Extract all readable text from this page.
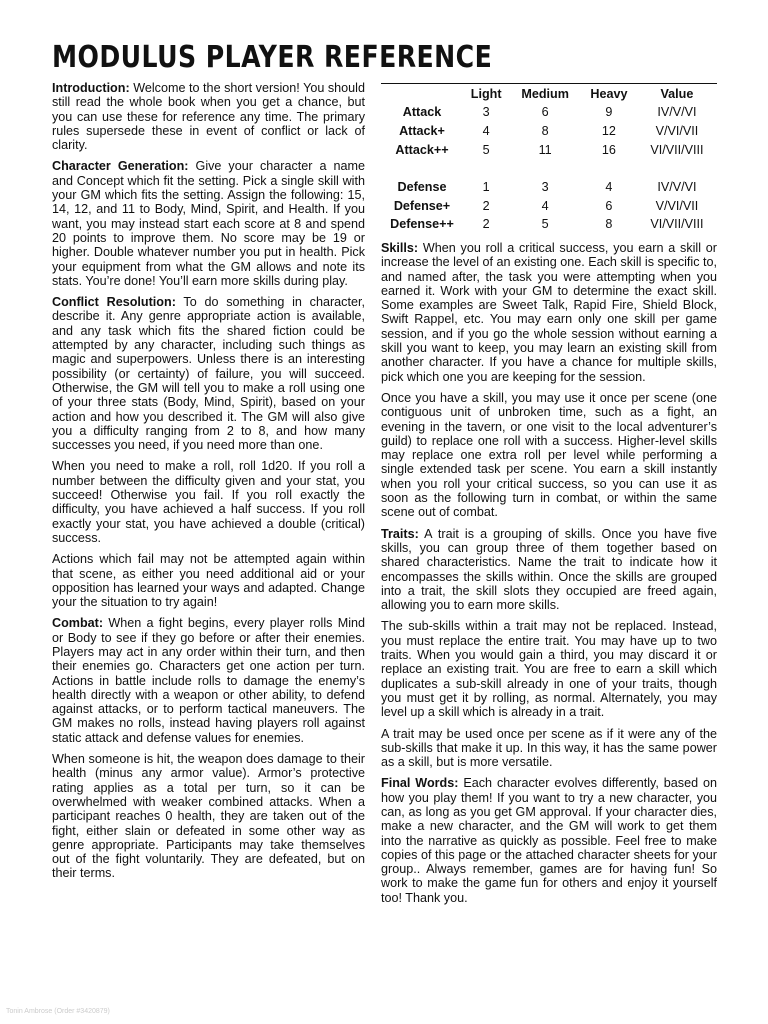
MODULUS PLAYER REFERENCE

Introduction: Welcome to the short version! You should still read the whole book when you get a chance, but you can use these for reference any time. The primary rules supersede these in event of conflict or lack of clarity.

Character Generation: Give your character a name and Concept which fit the setting. Pick a single skill with your GM which fits the setting. Assign the following: 15, 14, 12, and 11 to Body, Mind, Spirit, and Health. If you want, you may instead start each score at 8 and spend 20 points to improve them. No score may be 19 or higher. Double whatever number you put in health. Pick your equipment from what the GM allows and note its stats. You’re done! You’ll earn more skills during play.

Conflict Resolution: To do something in character, describe it. Any genre appropriate action is available, and any task which fits the shared fiction could be attempted by any character, including such things as magic and superpowers. Unless there is an interesting possibility (or certainty) of failure, you will succeed. Otherwise, the GM will tell you to make a roll using one of your three stats (Body, Mind, Spirit), based on your action and how you described it. The GM will also give you a difficulty ranging from 2 to 8, and how many successes you need, if you need more than one.

When you need to make a roll, roll 1d20. If you roll a number between the difficulty given and your stat, you succeed! Otherwise you fail. If you roll exactly the difficulty, you have achieved a half success. If you roll exactly your stat, you have achieved a double (critical) success.

Actions which fail may not be attempted again within that scene, as either you need additional aid or your opposition has learned your ways and adapted. Change your the situation to try again!

Combat: When a fight begins, every player rolls Mind or Body to see if they go before or after their enemies. Players may act in any order within their turn, and then their enemies go. Characters get one action per turn. Actions in battle include rolls to damage the enemy’s health directly with a weapon or other ability, to defend against attacks, or to perform tactical maneuvers. The GM makes no rolls, instead having players roll against static attack and defense values for enemies.

When someone is hit, the weapon does damage to their health (minus any armor value). Armor’s protective rating applies as a total per turn, so it can be overwhelmed with weaker combined attacks. When a participant reaches 0 health, they are taken out of the fight, either slain or defeated in some other way as genre appropriate. Participants may take themselves out of the fight voluntarily. They are defeated, but on their terms.

	Light	Medium	Heavy	Value
Attack	3	6	9	IV/V/VI
Attack+	4	8	12	V/VI/VII
Attack++	5	11	16	VI/VII/VIII

Defense	1	3	4	IV/V/VI
Defense+	2	4	6	V/VI/VII
Defense++	2	5	8	VI/VII/VIII

Skills: When you roll a critical success, you earn a skill or increase the level of an existing one. Each skill is specific to, and named after, the task you were attempting when you earned it. Work with your GM to determine the exact skill. Some examples are Sweet Talk, Rapid Fire, Shield Block, Swift Rappel, etc. You may earn only one skill per game session, and if you go the whole session without earning a skill you want to keep, you may learn an existing skill from another character. If you have a chance for multiple skills, pick which one you are keeping for the session.

Once you have a skill, you may use it once per scene (one contiguous unit of unbroken time, such as a fight, an evening in the tavern, or one visit to the local adventurer’s guild) to replace one roll with a success. Higher-level skills may replace one extra roll per level while performing a single extended task per scene. You earn a skill instantly when you roll your critical success, so you can use it as soon as the following turn in combat, or within the same scene out of combat.

Traits: A trait is a grouping of skills. Once you have five skills, you can group three of them together based on shared characteristics. Name the trait to indicate how it encompasses the skills within. Once the skills are grouped into a trait, the skill slots they occupied are freed again, allowing you to earn more skills.

The sub-skills within a trait may not be replaced. Instead, you must replace the entire trait. You may have up to two traits. When you would gain a third, you may discard it or replace an existing trait. You are free to earn a skill which duplicates a sub-skill already in one of your traits, though you must get it by rolling, as normal. Alternately, you may level up a skill which is already in a trait.

A trait may be used once per scene as if it were any of the sub-skills that make it up. In this way, it has the same power as a skill, but is more versatile.

Final Words: Each character evolves differently, based on how you play them! If you want to try a new character, you can, as long as you get GM approval. If your character dies, make a new character, and the GM will work to get them into the narrative as quickly as possible. Feel free to make copies of this page or the attached character sheets for your group.. Always remember, games are for having fun! So work to make the game fun for others and enjoy it yourself too! Thank you.

Tonin Ambrose (Order #3420879)
